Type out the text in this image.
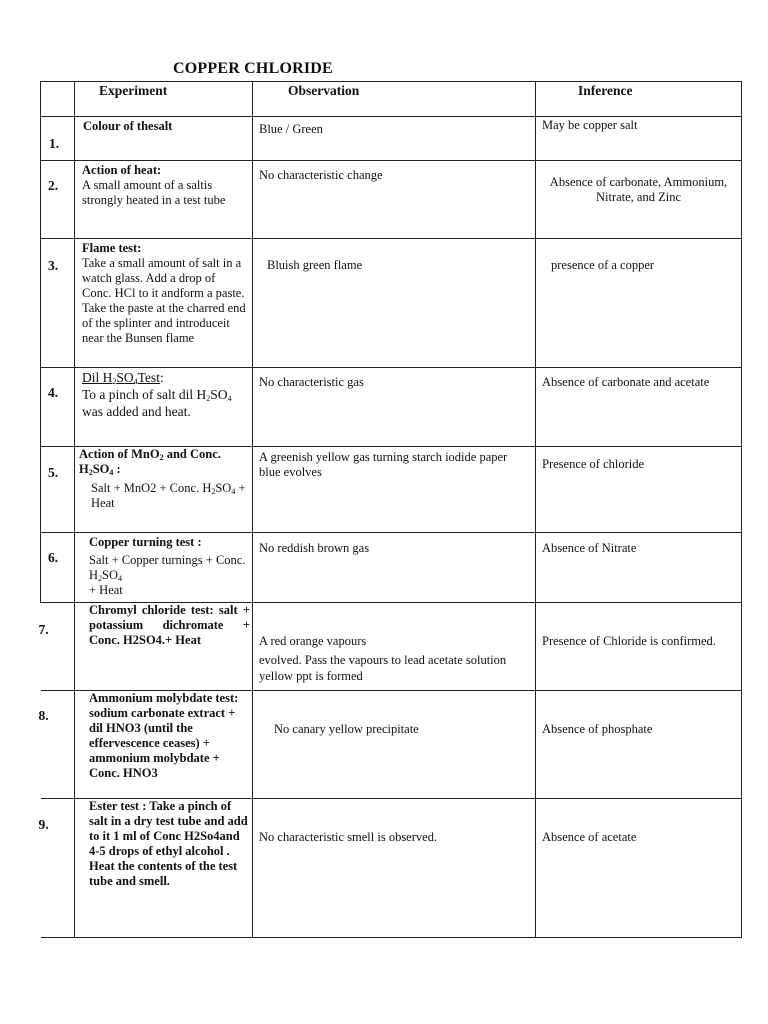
COPPER CHLORIDE
	Experiment	Observation	Inference

1.	Colour of thesalt	Blue / Green	May be copper salt

2.	Action of heat:
A small amount of a saltis strongly heated in a test tube	No characteristic change	Absence of carbonate, Ammonium, Nitrate, and Zinc

3.	Flame test:
Take a small amount of salt in a watch glass. Add a drop of Conc. HCl to it andform a paste. Take the paste at the charred end of the splinter and introduceit near the Bunsen flame	Bluish green flame	presence of a copper

4.	Dil $H_2SO_4Test$:
To a pinch of salt dil $H_2SO_4$   was added and heat.	No characteristic gas	Absence of carbonate and acetate

5.	Action of MnO$_2$ and Conc. $H_2SO_4$ :
Salt + MnO2 + Conc. $H_2SO_4$ + Heat	A greenish yellow gas turning starch iodide paper blue evolves	Presence of chloride

6.	Copper turning test :
Salt + Copper turnings + Conc. $H_2SO_4$
+ Heat	No reddish brown gas	Absence of Nitrate

7.	Chromyl chloride test: salt + potassium dichromate + Conc. H2SO4.+ Heat	A red orange vapours
evolved. Pass the vapours to lead acetate solution yellow ppt is formed	Presence of Chloride is confirmed.

8.	Ammonium molybdate test: sodium carbonate extract + dil HNO3 (until the effervescence ceases) + ammonium molybdate + Conc. HNO3	No canary yellow precipitate	Absence of phosphate

9.	Ester test : Take a pinch of salt in a dry test tube and add to it 1 ml of Conc H2So4and 4-5 drops of ethyl alcohol . Heat the contents of the test tube and smell.	No characteristic smell is observed.	Absence of acetate
